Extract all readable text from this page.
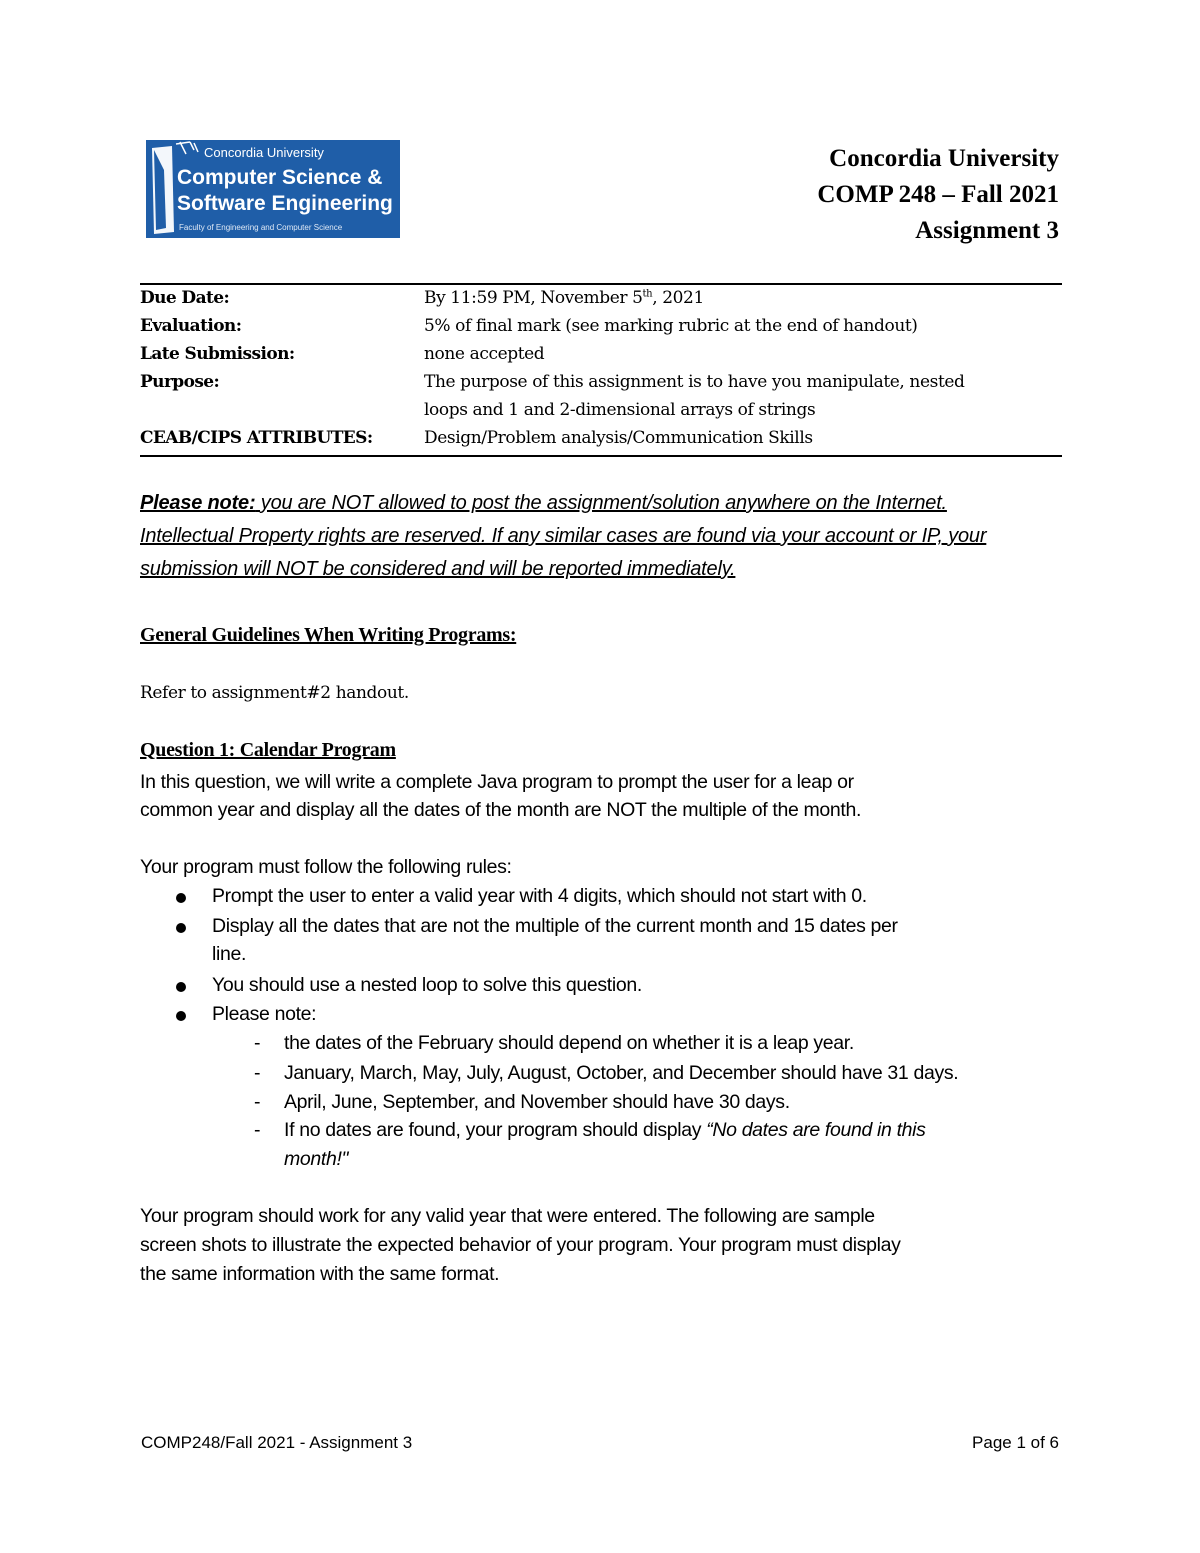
Concordia University
Computer Science &
Software Engineering
Faculty of Engineering and Computer Science
Concordia University
COMP 248 – Fall 2021
Assignment 3
Due Date:	By 11:59 PM, November 5th, 2021
Evaluation:	5% of final mark (see marking rubric at the end of handout)
Late Submission:	none accepted
Purpose:	The purpose of this assignment is to have you manipulate, nested
loops and 1 and 2-dimensional arrays of strings
CEAB/CIPS ATTRIBUTES:	Design/Problem analysis/Communication Skills
Please note: you are NOT allowed to post the assignment/solution anywhere on the Internet.
Intellectual Property rights are reserved. If any similar cases are found via your account or IP, your
submission will NOT be considered and will be reported immediately.
General Guidelines When Writing Programs:
Refer to assignment#2 handout.
Question 1: Calendar Program
In this question, we will write a complete Java program to prompt the user for a leap or
common year and display all the dates of the month are NOT the multiple of the month.
Your program must follow the following rules:
Prompt the user to enter a valid year with 4 digits, which should not start with 0.
Display all the dates that are not the multiple of the current month and 15 dates per
line.
You should use a nested loop to solve this question.
Please note:
- the dates of the February should depend on whether it is a leap year.
- January, March, May, July, August, October, and December should have 31 days.
- April, June, September, and November should have 30 days.
- If no dates are found, your program should display “No dates are found in this
month!"
Your program should work for any valid year that were entered. The following are sample
screen shots to illustrate the expected behavior of your program. Your program must display
the same information with the same format.
COMP248/Fall 2021 - Assignment 3	Page 1 of 6
